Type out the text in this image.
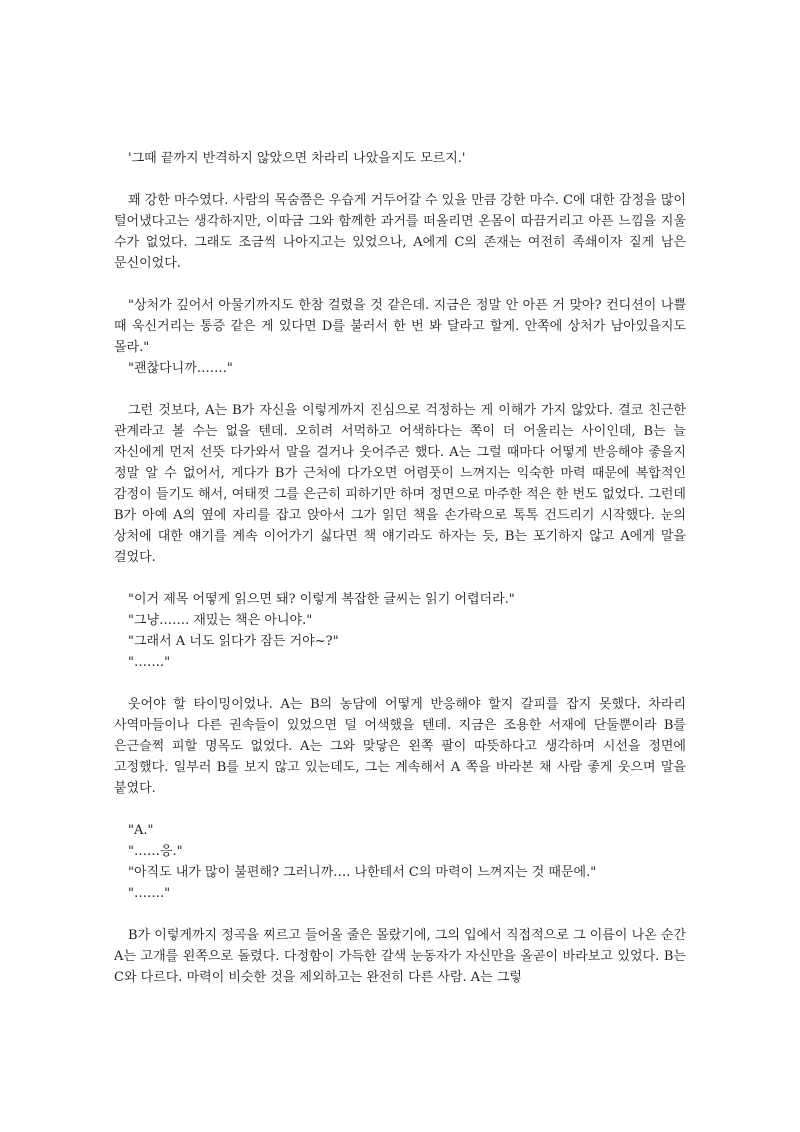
'그때 끝까지 반격하지 않았으면 차라리 나았을지도 모르지.'

꽤 강한 마수였다. 사람의 목숨쯤은 우습게 거두어갈 수 있을 만큼 강한 마수. C에 대한 감정을 많이 털어냈다고는 생각하지만, 이따금 그와 함께한 과거를 떠올리면 온몸이 따끔거리고 아픈 느낌을 지울 수가 없었다. 그래도 조금씩 나아지고는 있었으나, A에게 C의 존재는 여전히 족쇄이자 짙게 남은 문신이었다.

"상처가 깊어서 아물기까지도 한참 걸렸을 것 같은데. 지금은 정말 안 아픈 거 맞아? 컨디션이 나쁠 때 욱신거리는 통증 같은 게 있다면 D를 불러서 한 번 봐 달라고 할게. 안쪽에 상처가 남아있을지도 몰라."

"괜찮다니까……."

그런 것보다, A는 B가 자신을 이렇게까지 진심으로 걱정하는 게 이해가 가지 않았다. 결코 친근한 관계라고 볼 수는 없을 텐데. 오히려 서먹하고 어색하다는 쪽이 더 어울리는 사이인데, B는 늘 자신에게 먼저 선뜻 다가와서 말을 걸거나 웃어주곤 했다. A는 그럴 때마다 어떻게 반응해야 좋을지 정말 알 수 없어서, 게다가 B가 근처에 다가오면 어렴풋이 느껴지는 익숙한 마력 때문에 복합적인 감정이 들기도 해서, 여태껏 그를 은근히 피하기만 하며 정면으로 마주한 적은 한 번도 없었다. 그런데 B가 아예 A의 옆에 자리를 잡고 앉아서 그가 읽던 책을 손가락으로 톡톡 건드리기 시작했다. 눈의 상처에 대한 얘기를 계속 이어가기 싫다면 책 얘기라도 하자는 듯, B는 포기하지 않고 A에게 말을 걸었다.

"이거 제목 어떻게 읽으면 돼? 이렇게 복잡한 글씨는 읽기 어렵더라."

"그냥……. 재밌는 책은 아니야."

"그래서 A 너도 읽다가 잠든 거야~?"

"……."

웃어야 할 타이밍이었나. A는 B의 농담에 어떻게 반응해야 할지 갈피를 잡지 못했다. 차라리 사역마들이나 다른 권속들이 있었으면 덜 어색했을 텐데. 지금은 조용한 서재에 단둘뿐이라 B를 은근슬쩍 피할 명목도 없었다. A는 그와 맞닿은 왼쪽 팔이 따뜻하다고 생각하며 시선을 정면에 고정했다. 일부러 B를 보지 않고 있는데도, 그는 계속해서 A 쪽을 바라본 채 사람 좋게 웃으며 말을 붙였다.

"A."

"……응."

"아직도 내가 많이 불편해? 그러니까…. 나한테서 C의 마력이 느껴지는 것 때문에."

"……."

B가 이렇게까지 정곡을 찌르고 들어올 줄은 몰랐기에, 그의 입에서 직접적으로 그 이름이 나온 순간 A는 고개를 왼쪽으로 돌렸다. 다정함이 가득한 갈색 눈동자가 자신만을 올곧이 바라보고 있었다. B는 C와 다르다. 마력이 비슷한 것을 제외하고는 완전히 다른 사람. A는 그렇
